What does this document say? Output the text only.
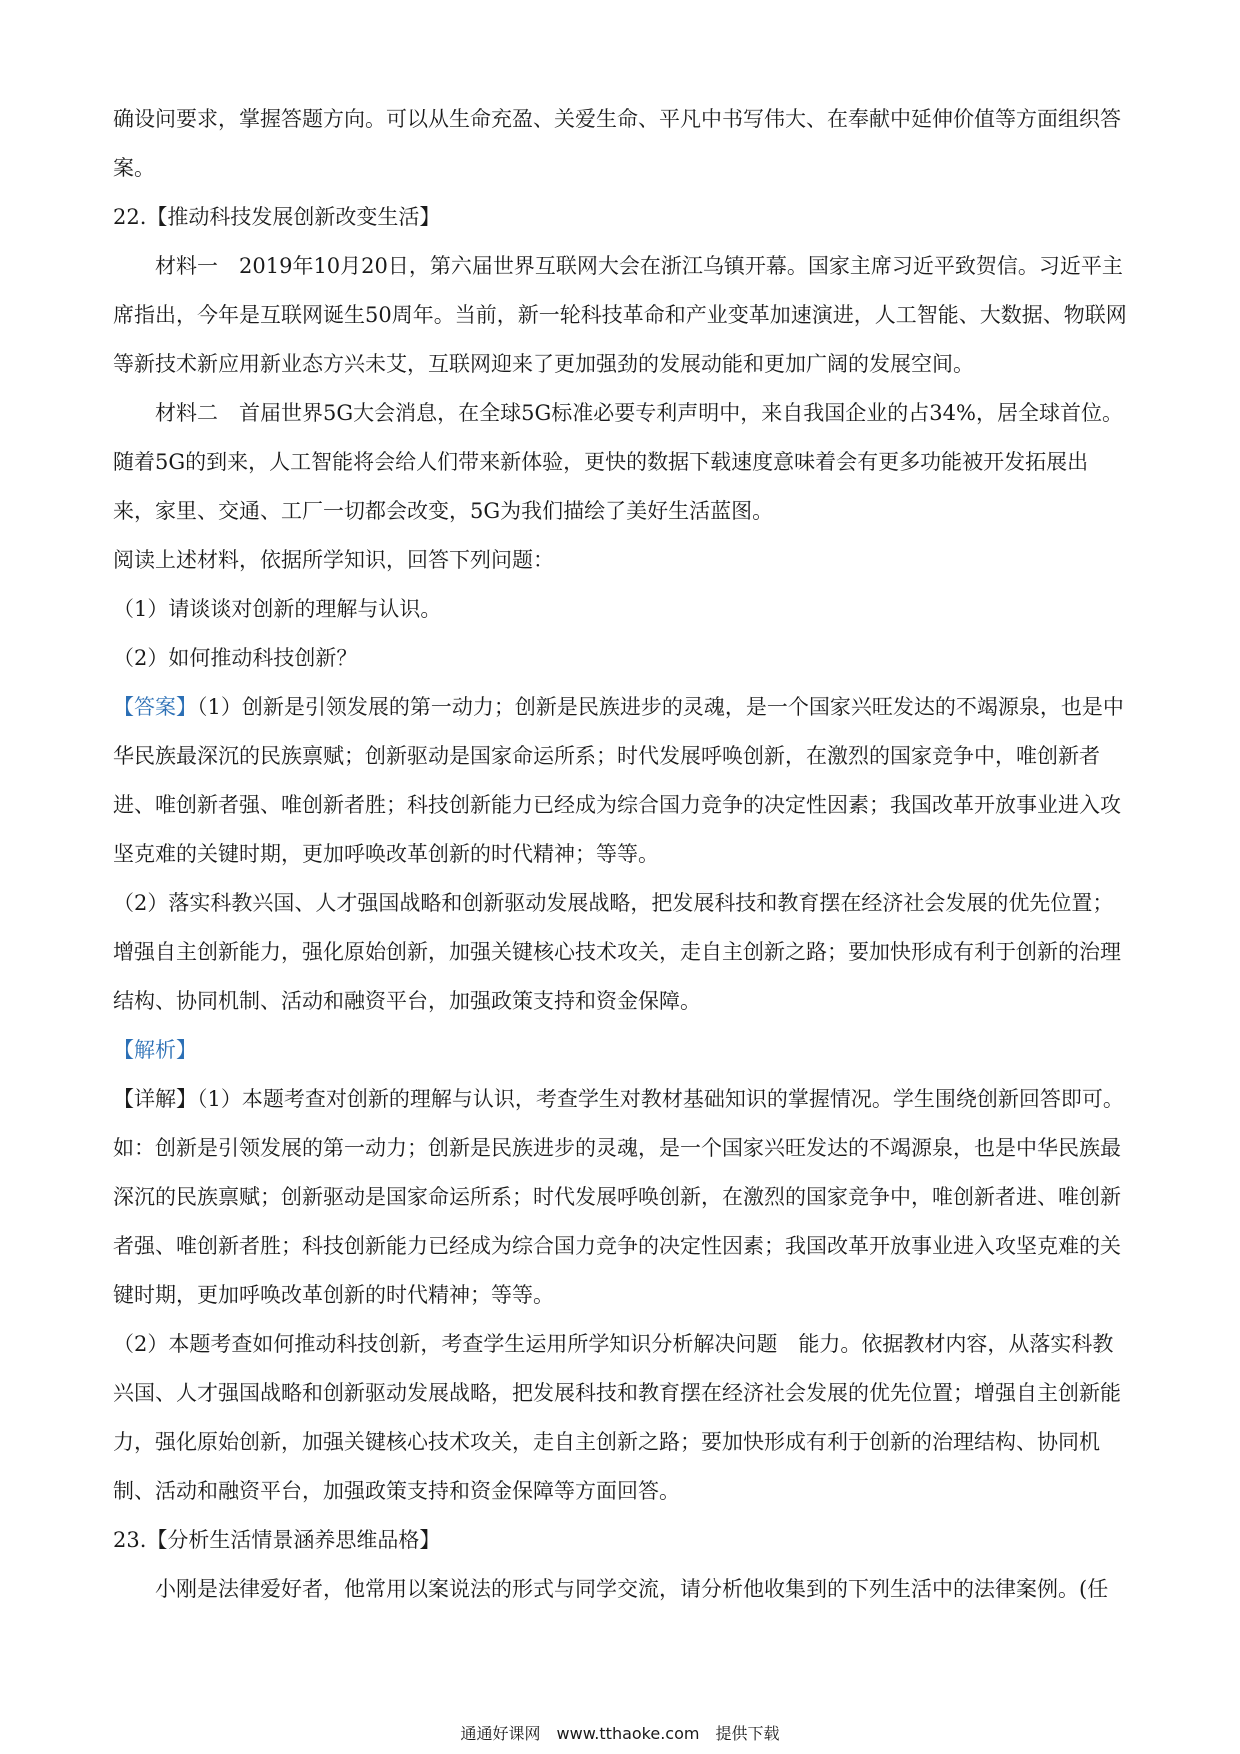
确设问要求，掌握答题方向。可以从生命充盈、关爱生命、平凡中书写伟大、在奉献中延伸价值等方面组织答案。

22.【推动科技发展创新改变生活】

材料一　2019年10月20日，第六届世界互联网大会在浙江乌镇开幕。国家主席习近平致贺信。习近平主席指出，今年是互联网诞生50周年。当前，新一轮科技革命和产业变革加速演进，人工智能、大数据、物联网等新技术新应用新业态方兴未艾，互联网迎来了更加强劲的发展动能和更加广阔的发展空间。

材料二　首届世界5G大会消息，在全球5G标准必要专利声明中，来自我国企业的占34%，居全球首位。随着5G的到来，人工智能将会给人们带来新体验，更快的数据下载速度意味着会有更多功能被开发拓展出来，家里、交通、工厂一切都会改变，5G为我们描绘了美好生活蓝图。

阅读上述材料，依据所学知识，回答下列问题：

（1）请谈谈对创新的理解与认识。

（2）如何推动科技创新？

【答案】（1）创新是引领发展的第一动力；创新是民族进步的灵魂，是一个国家兴旺发达的不竭源泉，也是中华民族最深沉的民族禀赋；创新驱动是国家命运所系；时代发展呼唤创新，在激烈的国家竞争中，唯创新者进、唯创新者强、唯创新者胜；科技创新能力已经成为综合国力竞争的决定性因素；我国改革开放事业进入攻坚克难的关键时期，更加呼唤改革创新的时代精神；等等。

（2）落实科教兴国、人才强国战略和创新驱动发展战略，把发展科技和教育摆在经济社会发展的优先位置；增强自主创新能力，强化原始创新，加强关键核心技术攻关，走自主创新之路；要加快形成有利于创新的治理结构、协同机制、活动和融资平台，加强政策支持和资金保障。

【解析】

【详解】（1）本题考查对创新的理解与认识，考查学生对教材基础知识的掌握情况。学生围绕创新回答即可。如：创新是引领发展的第一动力；创新是民族进步的灵魂，是一个国家兴旺发达的不竭源泉，也是中华民族最深沉的民族禀赋；创新驱动是国家命运所系；时代发展呼唤创新，在激烈的国家竞争中，唯创新者进、唯创新者强、唯创新者胜；科技创新能力已经成为综合国力竞争的决定性因素；我国改革开放事业进入攻坚克难的关键时期，更加呼唤改革创新的时代精神；等等。

（2）本题考查如何推动科技创新，考查学生运用所学知识分析解决问题　能力。依据教材内容，从落实科教兴国、人才强国战略和创新驱动发展战略，把发展科技和教育摆在经济社会发展的优先位置；增强自主创新能力，强化原始创新，加强关键核心技术攻关，走自主创新之路；要加快形成有利于创新的治理结构、协同机制、活动和融资平台，加强政策支持和资金保障等方面回答。

23.【分析生活情景涵养思维品格】

小刚是法律爱好者，他常用以案说法的形式与同学交流，请分析他收集到的下列生活中的法律案例。(任

通通好课网　www.tthaoke.com　提供下载
